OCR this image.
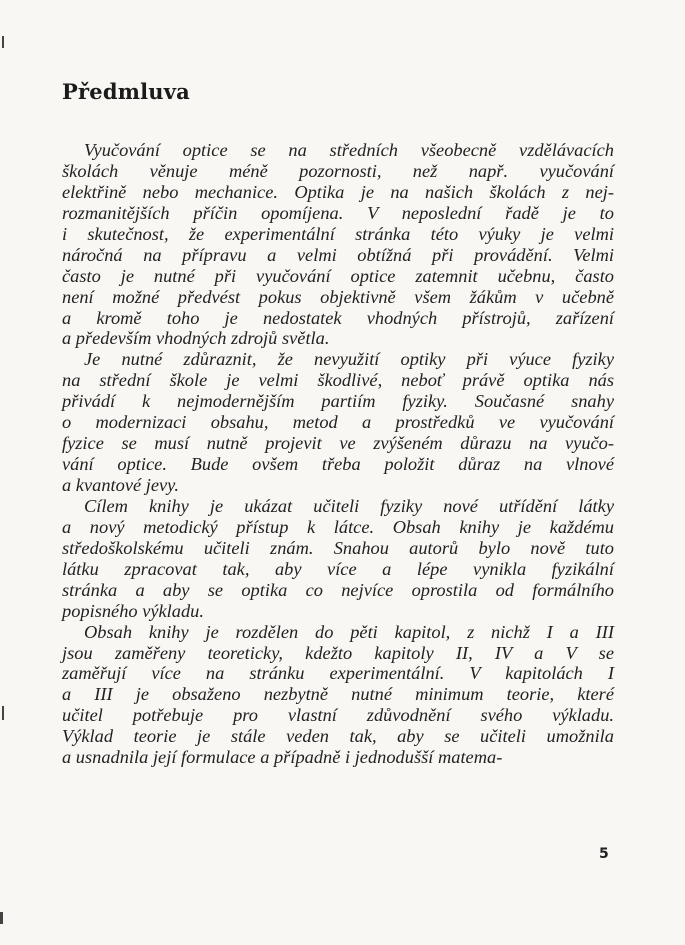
Předmluva
Vyučování optice se na středních všeobecně vzdělávacích
školách věnuje méně pozornosti, než např. vyučování
elektřině nebo mechanice. Optika je na našich školách z nej-
rozmanitějších příčin opomíjena. V neposlední řadě je to
i skutečnost, že experimentální stránka této výuky je velmi
náročná na přípravu a velmi obtížná při provádění. Velmi
často je nutné při vyučování optice zatemnit učebnu, často
není možné předvést pokus objektivně všem žákům v učebně
a kromě toho je nedostatek vhodných přístrojů, zařízení
a především vhodných zdrojů světla.
Je nutné zdůraznit, že nevyužití optiky při výuce fyziky
na střední škole je velmi škodlivé, neboť právě optika nás
přivádí k nejmodernějším partiím fyziky. Současné snahy
o modernizaci obsahu, metod a prostředků ve vyučování
fyzice se musí nutně projevit ve zvýšeném důrazu na vyučo-
vání optice. Bude ovšem třeba položit důraz na vlnové
a kvantové jevy.
Cílem knihy je ukázat učiteli fyziky nové utřídění látky
a nový metodický přístup k látce. Obsah knihy je každému
středoškolskému učiteli znám. Snahou autorů bylo nově tuto
látku zpracovat tak, aby více a lépe vynikla fyzikální
stránka a aby se optika co nejvíce oprostila od formálního
popisného výkladu.
Obsah knihy je rozdělen do pěti kapitol, z nichž I a III
jsou zaměřeny teoreticky, kdežto kapitoly II, IV a V se
zaměřují více na stránku experimentální. V kapitolách I
a III je obsaženo nezbytně nutné minimum teorie, které
učitel potřebuje pro vlastní zdůvodnění svého výkladu.
Výklad teorie je stále veden tak, aby se učiteli umožnila
a usnadnila její formulace a případně i jednodušší matema-
5
